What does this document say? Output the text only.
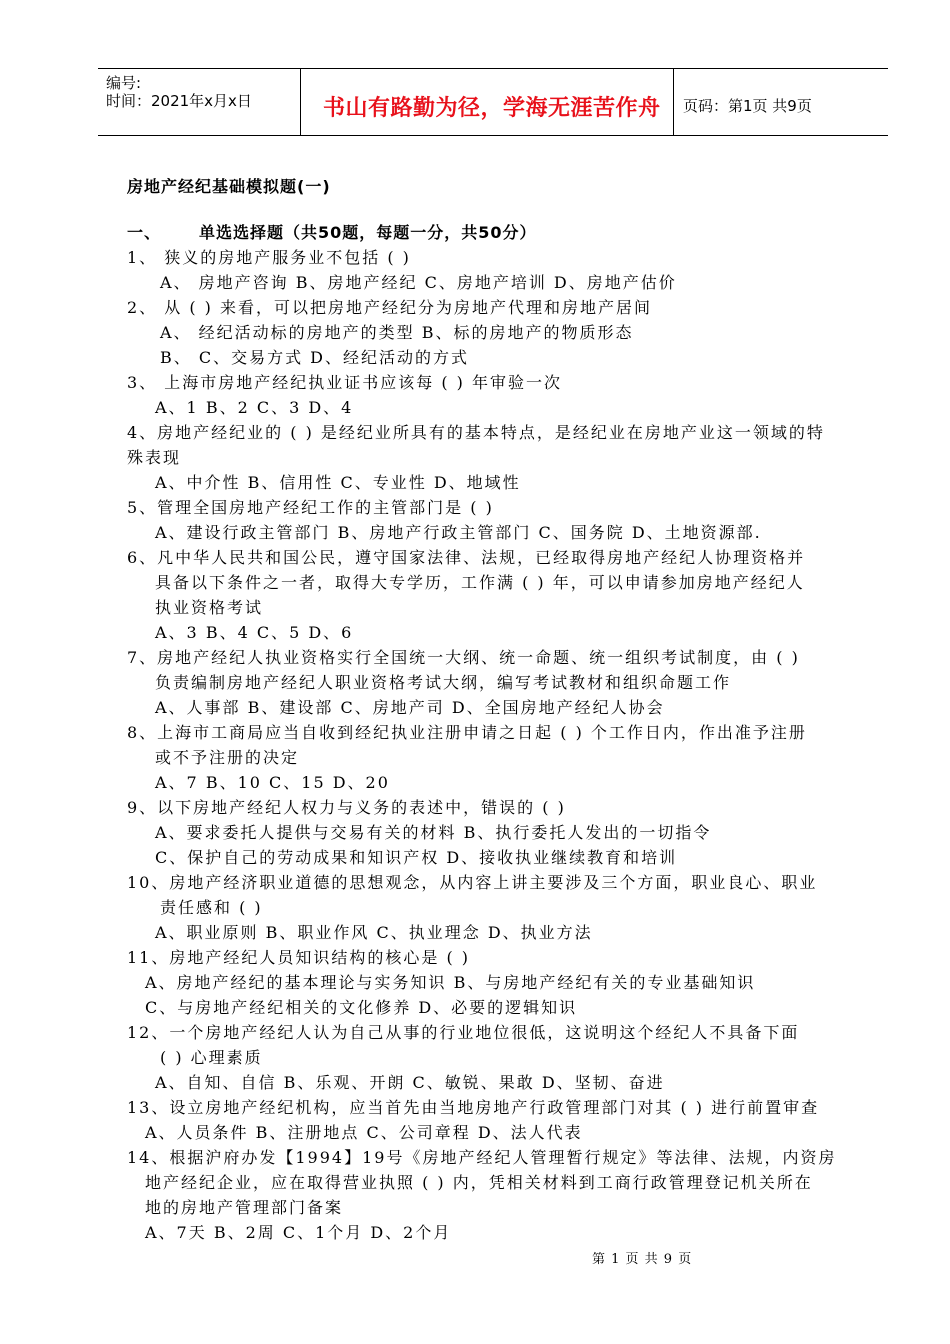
编号:
时间：2021年x月x日	书山有路勤为径，学海无涯苦作舟 页码：第1页 共9页
房地产经纪基础模拟题(一)
一、 单选选择题（共50题，每题一分，共50分）
1、 狭义的房地产服务业不包括 ( )
A、 房地产咨询 B、房地产经纪 C、房地产培训 D、房地产估价
2、 从 ( ) 来看，可以把房地产经纪分为房地产代理和房地产居间
A、 经纪活动标的房地产的类型 B、标的房地产的物质形态
B、 C、交易方式 D、经纪活动的方式
3、 上海市房地产经纪执业证书应该每 ( ) 年审验一次
A、1 B、2 C、3 D、4
4、房地产经纪业的 ( ) 是经纪业所具有的基本特点，是经纪业在房地产业这一领域的特
殊表现
A、中介性 B、信用性 C、专业性 D、地域性
5、管理全国房地产经纪工作的主管部门是 ( )
A、建设行政主管部门 B、房地产行政主管部门 C、国务院 D、土地资源部.
6、凡中华人民共和国公民，遵守国家法律、法规，已经取得房地产经纪人协理资格并
具备以下条件之一者，取得大专学历，工作满 ( ) 年，可以申请参加房地产经纪人
执业资格考试
A、3 B、4 C、5 D、6
7、房地产经纪人执业资格实行全国统一大纲、统一命题、统一组织考试制度，由 ( )
负责编制房地产经纪人职业资格考试大纲，编写考试教材和组织命题工作
A、人事部 B、建设部 C、房地产司 D、全国房地产经纪人协会
8、上海市工商局应当自收到经纪执业注册申请之日起 ( ) 个工作日内，作出准予注册
或不予注册的决定
A、7 B、10 C、15 D、20
9、以下房地产经纪人权力与义务的表述中，错误的 ( )
A、要求委托人提供与交易有关的材料 B、执行委托人发出的一切指令
C、保护自己的劳动成果和知识产权 D、接收执业继续教育和培训
10、房地产经济职业道德的思想观念，从内容上讲主要涉及三个方面，职业良心、职业
责任感和 ( )
A、职业原则 B、职业作风 C、执业理念 D、执业方法
11、房地产经纪人员知识结构的核心是 ( )
A、房地产经纪的基本理论与实务知识 B、与房地产经纪有关的专业基础知识
C、与房地产经纪相关的文化修养 D、必要的逻辑知识
12、一个房地产经纪人认为自己从事的行业地位很低，这说明这个经纪人不具备下面
( ) 心理素质
A、自知、自信 B、乐观、开朗 C、敏锐、果敢 D、坚韧、奋进
13、设立房地产经纪机构，应当首先由当地房地产行政管理部门对其 ( ) 进行前置审查
A、人员条件 B、注册地点 C、公司章程 D、法人代表
14、根据沪府办发【1994】19号《房地产经纪人管理暂行规定》等法律、法规，内资房
地产经纪企业，应在取得营业执照 ( ) 内，凭相关材料到工商行政管理登记机关所在
地的房地产管理部门备案
A、7天 B、2周 C、1个月 D、2个月
第 1 页 共 9 页
